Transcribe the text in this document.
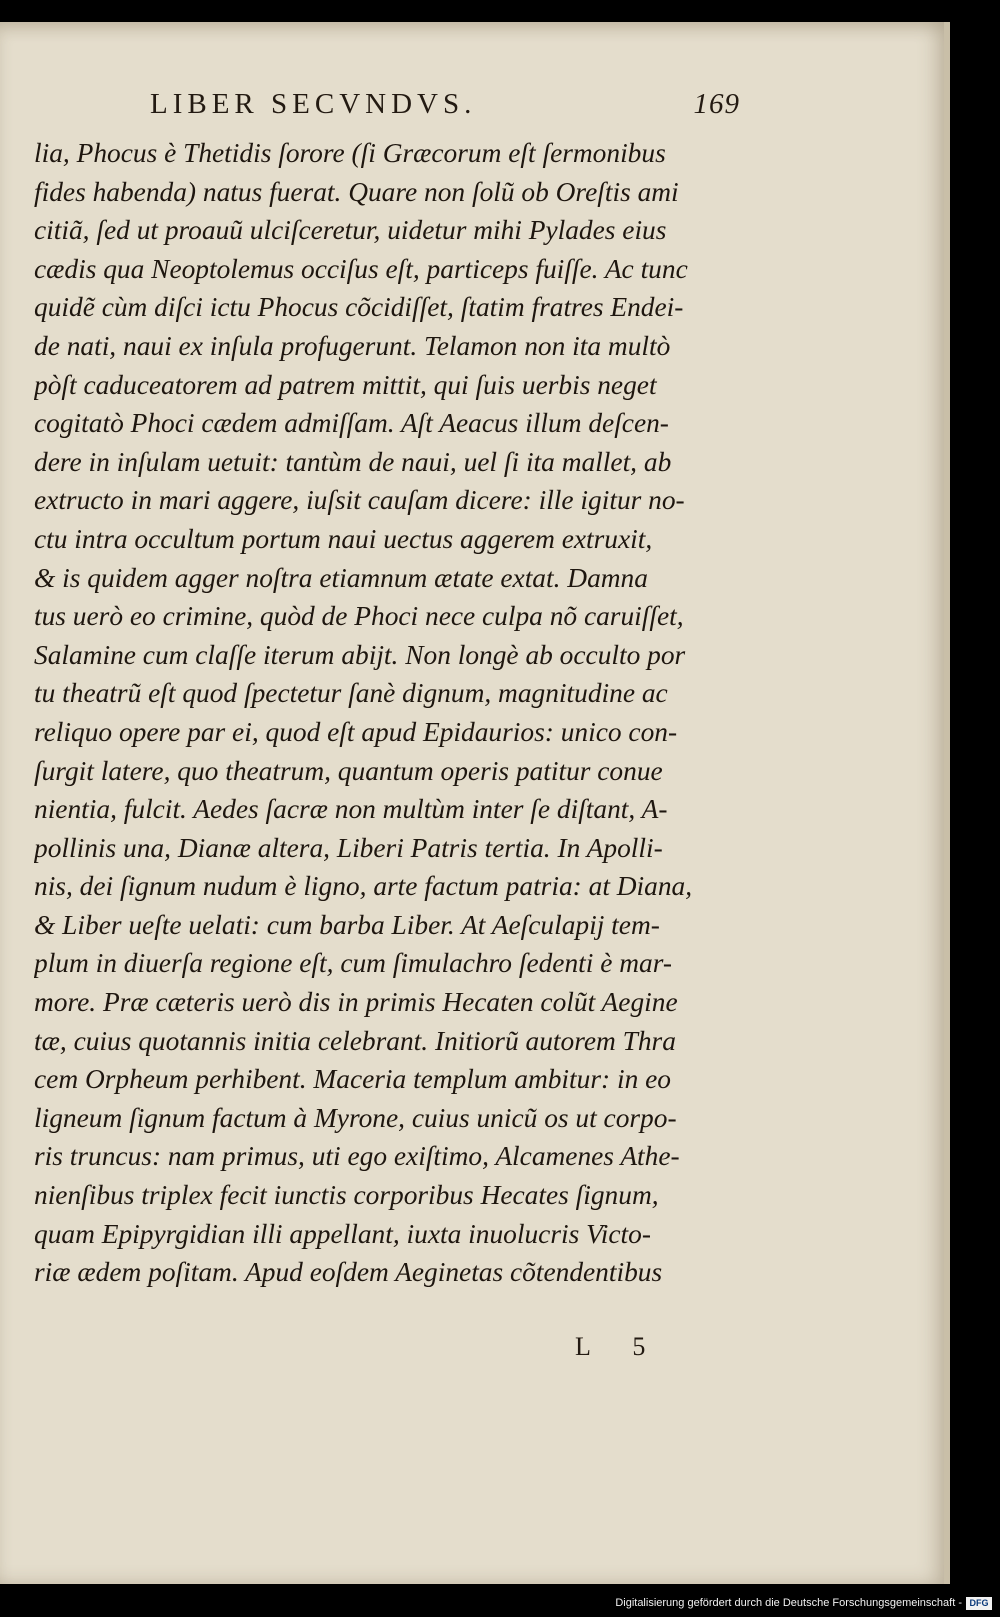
LIBER SECVNDVS.	169
lia, Phocus è Thetidis ſorore (ſi Græcorum eſt ſermonibus
fides habenda) natus fuerat. Quare non ſolũ ob Oreſtis ami
citiã, ſed ut proauũ ulciſceretur, uidetur mihi Pylades eius
cædis qua Neoptolemus occiſus eſt, particeps fuiſſe. Ac tunc
quidẽ cùm diſci ictu Phocus cõcidiſſet, ſtatim fratres Endei-
de nati, naui ex inſula profugerunt. Telamon non ita multò
pòſt caduceatorem ad patrem mittit, qui ſuis uerbis neget
cogitatò Phoci cædem admiſſam. Aſt Aeacus illum deſcen-
dere in inſulam uetuit: tantùm de naui, uel ſi ita mallet, ab
extructo in mari aggere, iuſsit cauſam dicere: ille igitur no-
ctu intra occultum portum naui uectus aggerem extruxit,
& is quidem agger noſtra etiamnum ætate extat. Damna
tus uerò eo crimine, quòd de Phoci nece culpa nõ caruiſſet,
Salamine cum claſſe iterum abijt. Non longè ab occulto por
tu theatrũ eſt quod ſpectetur ſanè dignum, magnitudine ac
reliquo opere par ei, quod eſt apud Epidaurios: unico con-
ſurgit latere, quo theatrum, quantum operis patitur conue
nientia, fulcit. Aedes ſacræ non multùm inter ſe diſtant, A-
pollinis una, Dianæ altera, Liberi Patris tertia. In Apolli-
nis, dei ſignum nudum è ligno, arte factum patria: at Diana,
& Liber ueſte uelati: cum barba Liber. At Aeſculapij tem-
plum in diuerſa regione eſt, cum ſimulachro ſedenti è mar-
more. Præ cæteris uerò dis in primis Hecaten colũt Aegine
tæ, cuius quotannis initia celebrant. Initiorũ autorem Thra
cem Orpheum perhibent. Maceria templum ambitur: in eo
ligneum ſignum factum à Myrone, cuius unicũ os ut corpo-
ris truncus: nam primus, uti ego exiſtimo, Alcamenes Athe-
nienſibus triplex fecit iunctis corporibus Hecates ſignum,
quam Epipyrgidian illi appellant, iuxta inuolucris Victo-
riæ ædem poſitam. Apud eoſdem Aeginetas cõtendentibus
L 5
Digitalisierung gefördert durch die Deutsche Forschungsgemeinschaft - DFG
